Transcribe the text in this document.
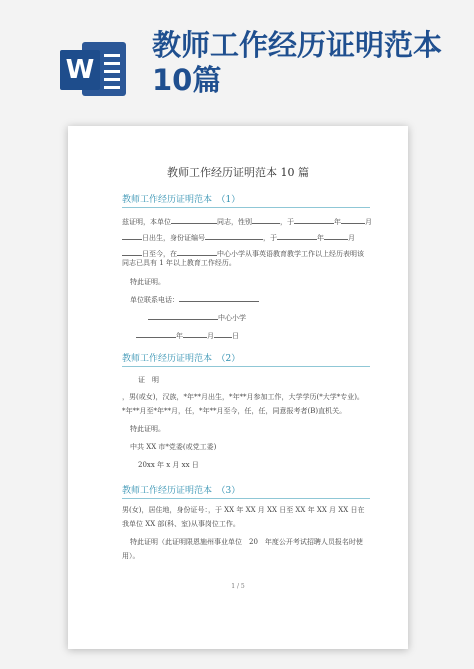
W
教师工作经历证明范本10篇
教师工作经历证明范本 10 篇
教师工作经历证明范本　（1）
兹证明，本单位	同志，性别	，于	年	月
日出生，身份证编号	，于	年	月
日至今，在	中心小学从事英语教育教学工作以上经历表明该
同志已具有 1 年以上教育工作经历。
特此证明。
单位联系电话：
中心小学
年	月	日
教师工作经历证明范本　（2）
证　明
，男(或女)，汉族，*年**月出生，*年**月参加工作，大学学历(*大学*专业)。
*年**月至*年**月，任，*年**月至今，任，任，同意报考者(B)直机关。
特此证明。
中共 XX 市*党委(或党工委)
20xx 年 x 月 xx 日
教师工作经历证明范本　（3）
男(女)，居住地，身份证号：，于 XX 年 XX 月 XX 日至 XX 年 XX 月 XX 日在
我单位 XX 部(科、室)从事岗位工作。
特此证明（此证明限恩施州事业单位　20　年度公开考试招聘人员报名时使
用）。
1 / 5
